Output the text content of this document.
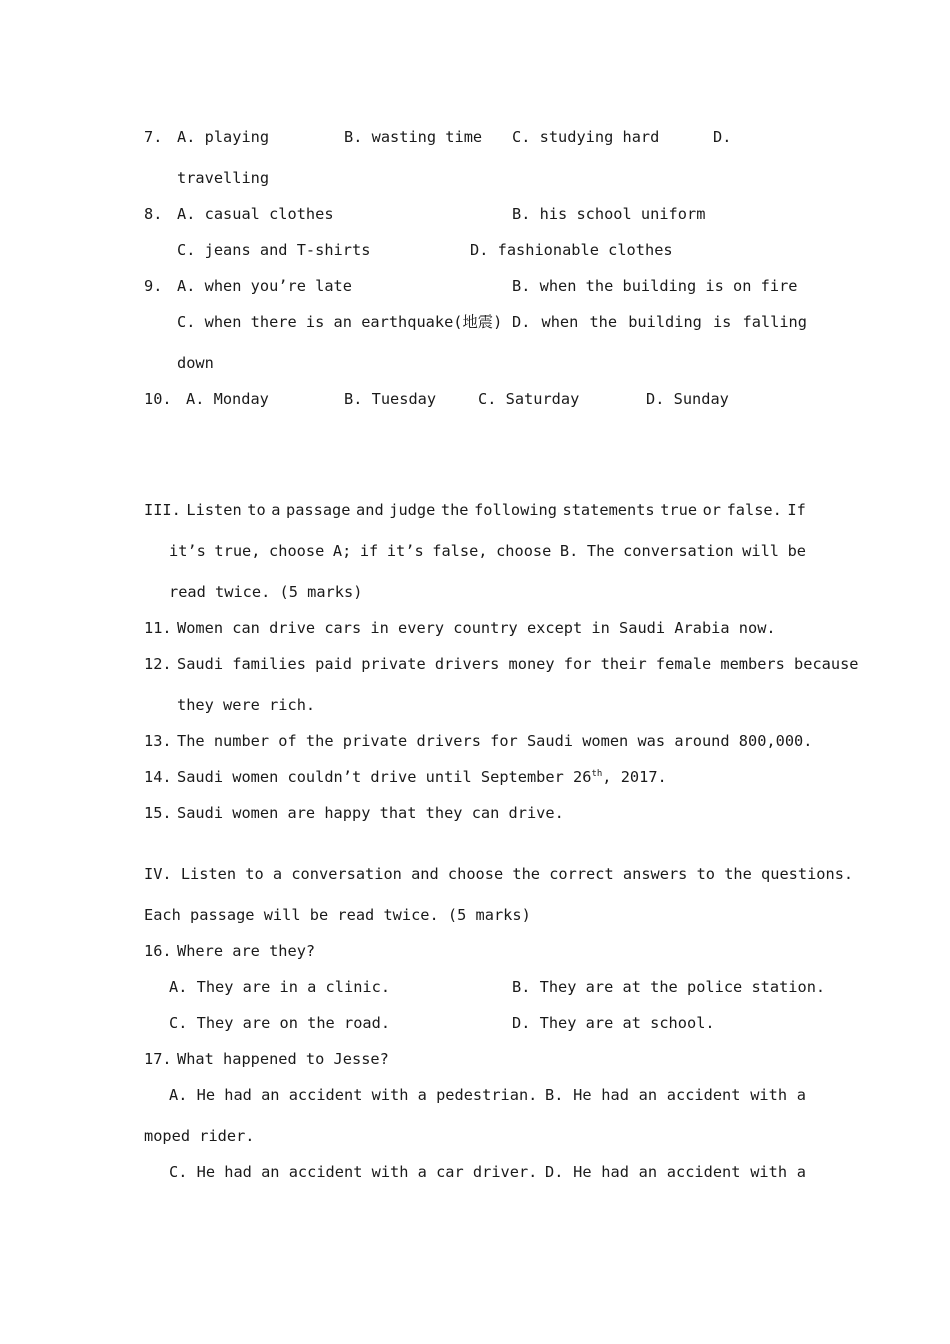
7. A. playing	B. wasting time C. studying hard	D.
travelling
8. A. casual clothes	B. his school uniform
C. jeans and T-shirts	D. fashionable clothes
9. A. when you’re late	B. when the building is on fire
C. when there is an earthquake(地震) D. when the building is falling
down
10. A. Monday	B. Tuesday	C. Saturday	D. Sunday
III. Listen to a passage and judge the following statements true or false. If
it’s true, choose A; if it’s false, choose B. The conversation will be
read twice. (5 marks)
11. Women can drive cars in every country except in Saudi Arabia now.
12. Saudi families paid private drivers money for their female members because
they were rich.
13. The number of the private drivers for Saudi women was around 800,000.
14. Saudi women couldn’t drive until September 26th, 2017.
15. Saudi women are happy that they can drive.
IV. Listen to a conversation and choose the correct answers to the questions.
Each passage will be read twice. (5 marks)
16. Where are they?
A. They are in a clinic.	B. They are at the police station.
C. They are on the road.	D. They are at school.
17. What happened to Jesse?
A. He had an accident with a pedestrian. B. He had an accident with a
moped rider.
C. He had an accident with a car driver. D. He had an accident with a
